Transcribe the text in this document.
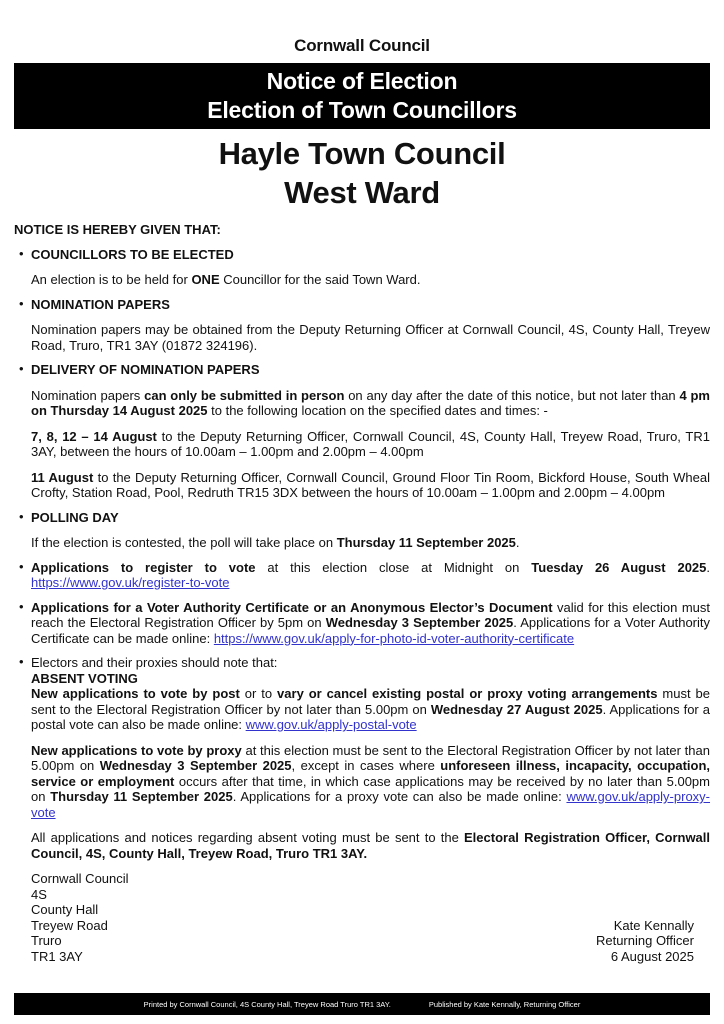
Cornwall Council
Notice of Election
Election of Town Councillors
Hayle Town Council
West Ward

NOTICE IS HEREBY GIVEN THAT:

• COUNCILLORS TO BE ELECTED

An election is to be held for ONE Councillor for the said Town Ward.

• NOMINATION PAPERS

Nomination papers may be obtained from the Deputy Returning Officer at Cornwall Council, 4S, County Hall, Treyew Road, Truro, TR1 3AY (01872 324196).

• DELIVERY OF NOMINATION PAPERS

Nomination papers can only be submitted in person on any day after the date of this notice, but not later than 4 pm on Thursday 14 August 2025 to the following location on the specified dates and times: -

7, 8, 12 – 14 August to the Deputy Returning Officer, Cornwall Council, 4S, County Hall, Treyew Road, Truro, TR1 3AY, between the hours of 10.00am – 1.00pm and 2.00pm – 4.00pm

11 August to the Deputy Returning Officer, Cornwall Council, Ground Floor Tin Room, Bickford House, South Wheal Crofty, Station Road, Pool, Redruth TR15 3DX between the hours of 10.00am – 1.00pm and 2.00pm – 4.00pm

• POLLING DAY

If the election is contested, the poll will take place on Thursday 11 September 2025.

• Applications to register to vote at this election close at Midnight on Tuesday 26 August 2025. https://www.gov.uk/register-to-vote

• Applications for a Voter Authority Certificate or an Anonymous Elector’s Document valid for this election must reach the Electoral Registration Officer by 5pm on Wednesday 3 September 2025. Applications for a Voter Authority Certificate can be made online: https://www.gov.uk/apply-for-photo-id-voter-authority-certificate

• Electors and their proxies should note that:
ABSENT VOTING
New applications to vote by post or to vary or cancel existing postal or proxy voting arrangements must be sent to the Electoral Registration Officer by not later than 5.00pm on Wednesday 27 August 2025. Applications for a postal vote can also be made online: www.gov.uk/apply-postal-vote

New applications to vote by proxy at this election must be sent to the Electoral Registration Officer by not later than 5.00pm on Wednesday 3 September 2025, except in cases where unforeseen illness, incapacity, occupation, service or employment occurs after that time, in which case applications may be received by no later than 5.00pm on Thursday 11 September 2025. Applications for a proxy vote can also be made online: www.gov.uk/apply-proxy-vote

All applications and notices regarding absent voting must be sent to the Electoral Registration Officer, Cornwall Council, 4S, County Hall, Treyew Road, Truro TR1 3AY.

Cornwall Council
4S
County Hall
Treyew Road
Truro
TR1 3AY
Kate Kennally
Returning Officer
6 August 2025
Printed by Cornwall Council, 4S County Hall, Treyew Road Truro TR1 3AY.	Published by Kate Kennally, Returning Officer
